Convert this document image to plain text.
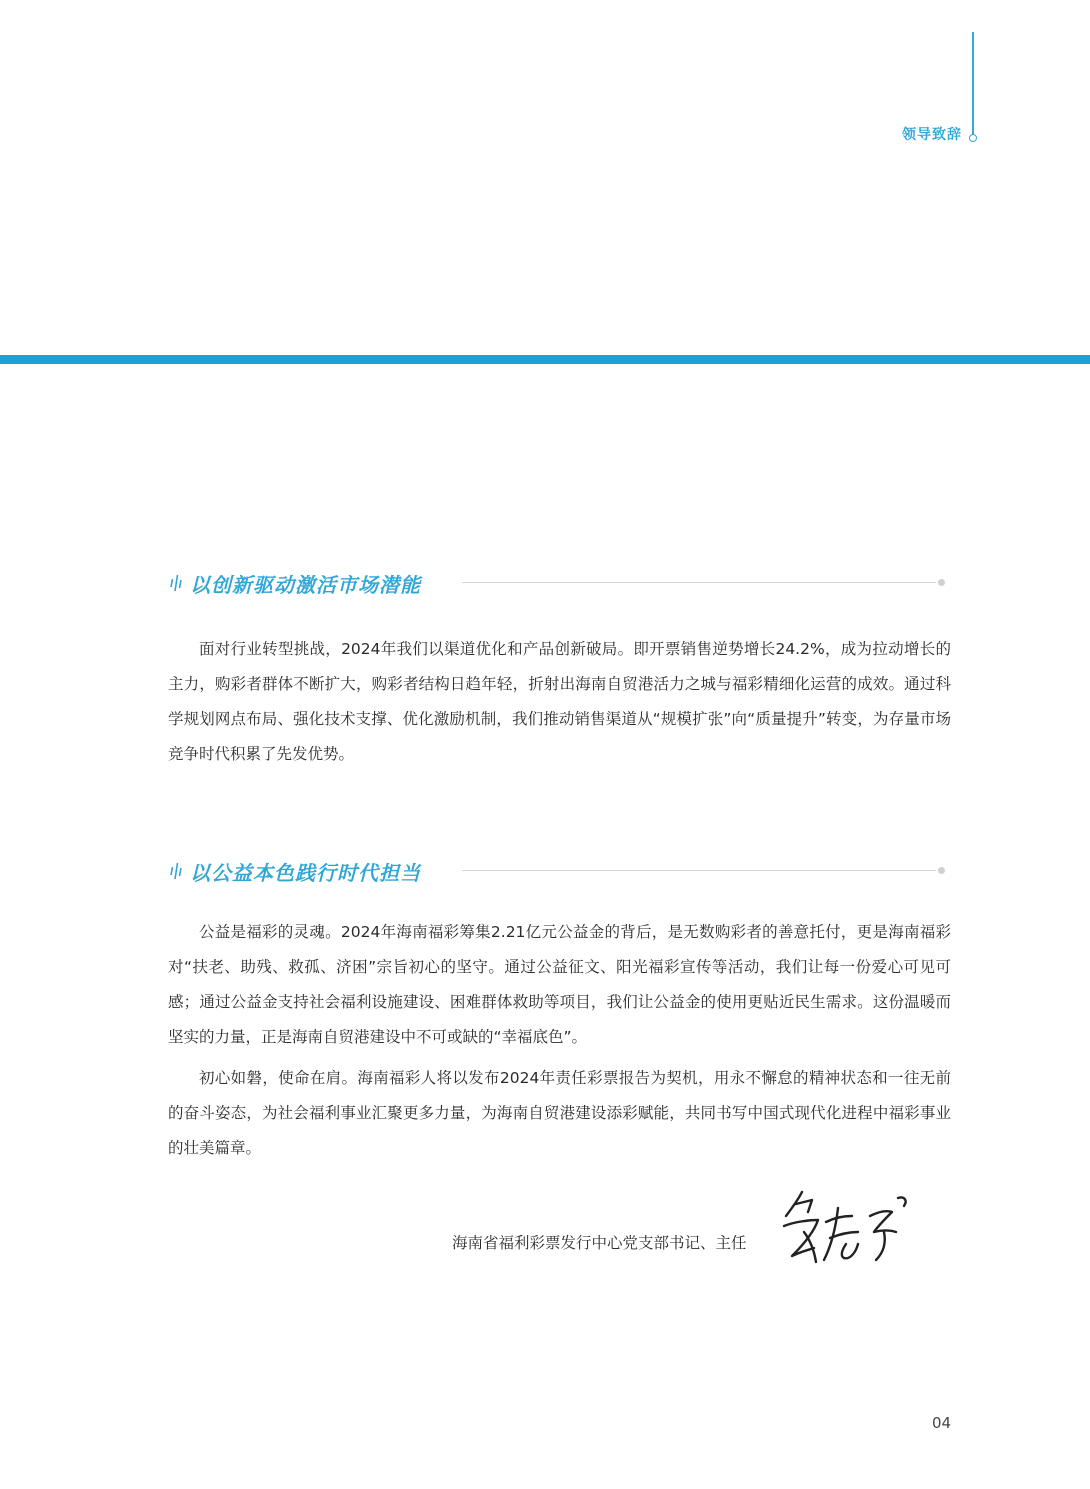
领导致辞
以创新驱动激活市场潜能

面对行业转型挑战，2024年我们以渠道优化和产品创新破局。即开票销售逆势增长24.2%，成为拉动增长的主力，购彩者群体不断扩大，购彩者结构日趋年轻，折射出海南自贸港活力之城与福彩精细化运营的成效。通过科学规划网点布局、强化技术支撑、优化激励机制，我们推动销售渠道从“规模扩张”向“质量提升”转变，为存量市场竞争时代积累了先发优势。

以公益本色践行时代担当

公益是福彩的灵魂。2024年海南福彩筹集2.21亿元公益金的背后，是无数购彩者的善意托付，更是海南福彩对“扶老、助残、救孤、济困”宗旨初心的坚守。通过公益征文、阳光福彩宣传等活动，我们让每一份爱心可见可感；通过公益金支持社会福利设施建设、困难群体救助等项目，我们让公益金的使用更贴近民生需求。这份温暖而坚实的力量，正是海南自贸港建设中不可或缺的“幸福底色”。

初心如磐，使命在肩。海南福彩人将以发布2024年责任彩票报告为契机，用永不懈怠的精神状态和一往无前的奋斗姿态，为社会福利事业汇聚更多力量，为海南自贸港建设添彩赋能，共同书写中国式现代化进程中福彩事业的壮美篇章。

海南省福利彩票发行中心党支部书记、主任
04
